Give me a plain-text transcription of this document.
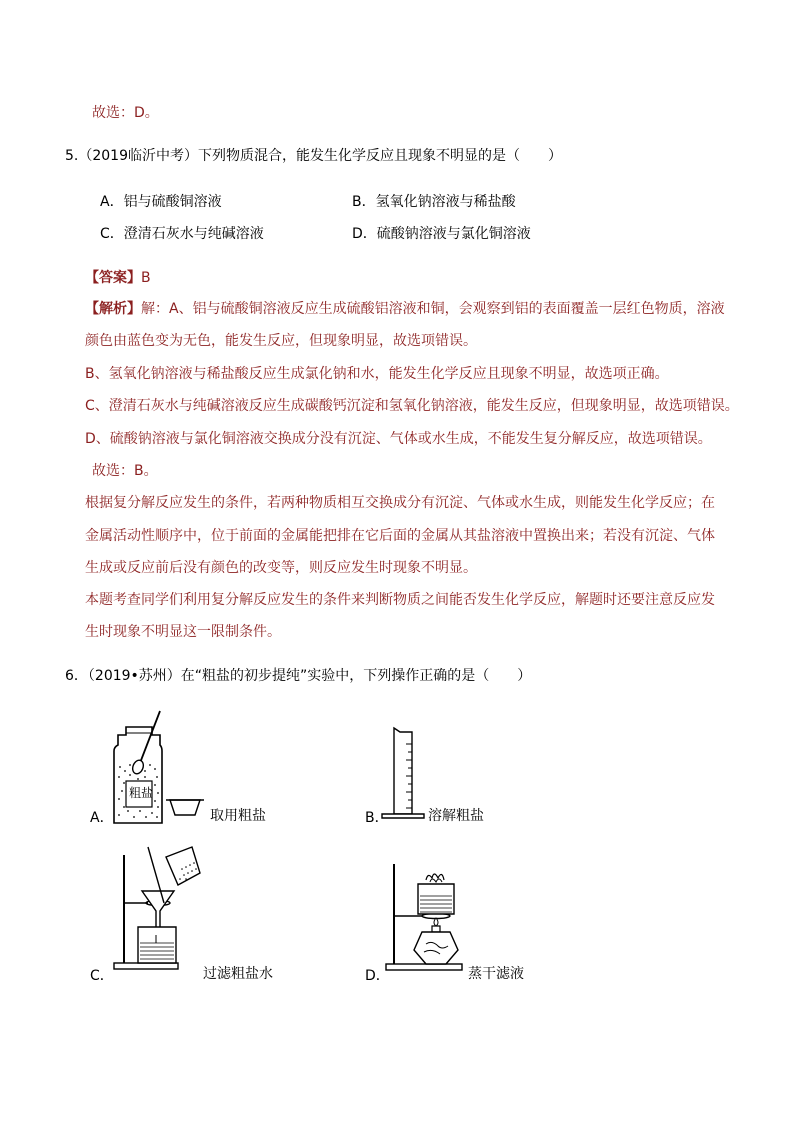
故选：D。
5.（2019临沂中考）下列物质混合，能发生化学反应且现象不明显的是（　　）
A．铝与硫酸铜溶液	B．氢氧化钠溶液与稀盐酸
C．澄清石灰水与纯碱溶液	D．硫酸钠溶液与氯化铜溶液
【答案】B
【解析】解：A、铝与硫酸铜溶液反应生成硫酸铝溶液和铜，会观察到铝的表面覆盖一层红色物质，溶液
颜色由蓝色变为无色，能发生反应，但现象明显，故选项错误。
B、氢氧化钠溶液与稀盐酸反应生成氯化钠和水，能发生化学反应且现象不明显，故选项正确。
C、澄清石灰水与纯碱溶液反应生成碳酸钙沉淀和氢氧化钠溶液，能发生反应，但现象明显，故选项错误。
D、硫酸钠溶液与氯化铜溶液交换成分没有沉淀、气体或水生成，不能发生复分解反应，故选项错误。
故选：B。
根据复分解反应发生的条件，若两种物质相互交换成分有沉淀、气体或水生成，则能发生化学反应；在
金属活动性顺序中，位于前面的金属能把排在它后面的金属从其盐溶液中置换出来；若没有沉淀、气体
生成或反应前后没有颜色的改变等，则反应发生时现象不明显。
本题考查同学们利用复分解反应发生的条件来判断物质之间能否发生化学反应，解题时还要注意反应发
生时现象不明显这一限制条件。
6．（2019•苏州）在“粗盐的初步提纯”实验中，下列操作正确的是（　　）
粗盐
A．	取用粗盐	B．	溶解粗盐
C．	过滤粗盐水	D．	蒸干滤液
